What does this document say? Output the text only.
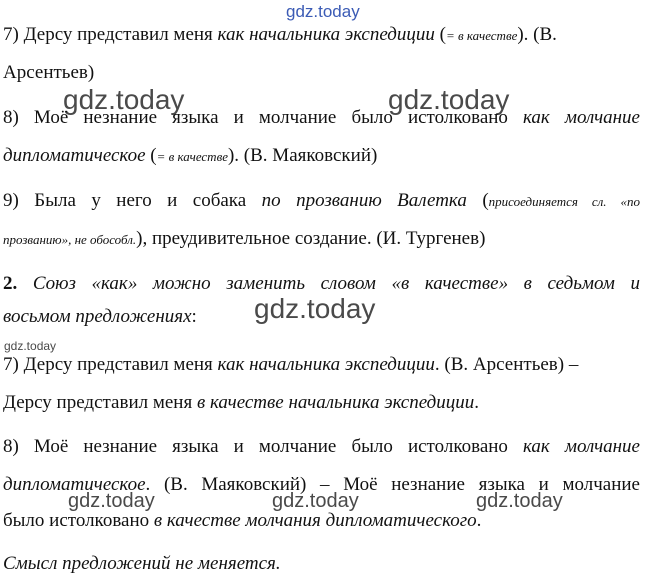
gdz.today
7) Дерсу представил меня как начальника экспедиции (= в качестве). (В.
Арсентьев)
gdz.today	gdz.today
8) Моё незнание языка и молчание было истолковано как молчание
дипломатическое (= в качестве). (В. Маяковский)
9) Была у него и собака по прозванию Валетка (присоединяется сл. «по
прозванию», не обособл.), преудивительное создание. (И. Тургенев)
2. Союз «как» можно заменить словом «в качестве» в седьмом и
gdz.today
восьмом предложениях:
gdz.today
7) Дерсу представил меня как начальника экспедиции. (В. Арсентьев) –
Дерсу представил меня в качестве начальника экспедиции.
8) Моё незнание языка и молчание было истолковано как молчание
дипломатическое. (В. Маяковский) – Моё незнание языка и молчание
gdz.today	gdz.today	gdz.today
было истолковано в качестве молчания дипломатического.
Смысл предложений не меняется.
